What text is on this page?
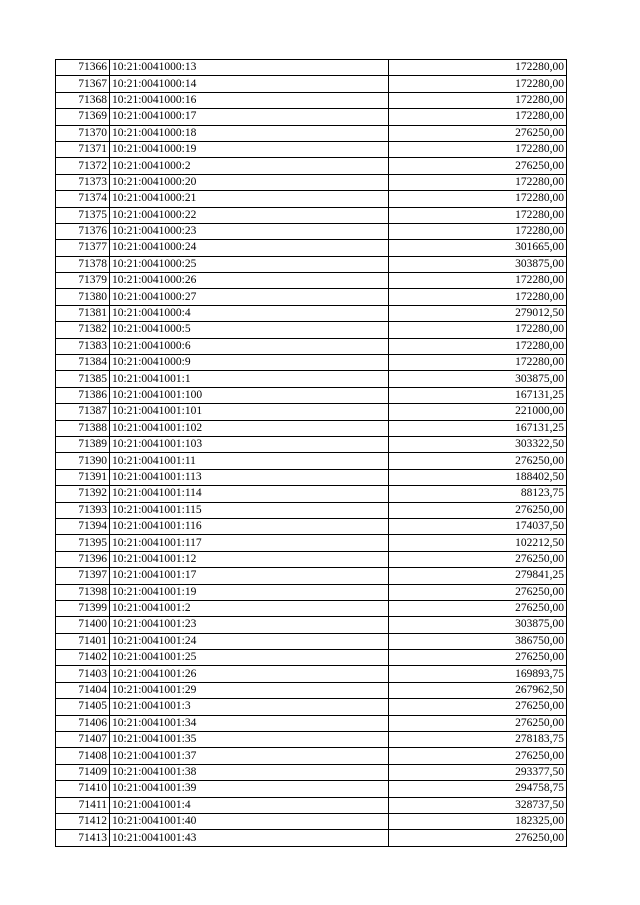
71366	10:21:0041000:13	172280,00
71367	10:21:0041000:14	172280,00
71368	10:21:0041000:16	172280,00
71369	10:21:0041000:17	172280,00
71370	10:21:0041000:18	276250,00
71371	10:21:0041000:19	172280,00
71372	10:21:0041000:2	276250,00
71373	10:21:0041000:20	172280,00
71374	10:21:0041000:21	172280,00
71375	10:21:0041000:22	172280,00
71376	10:21:0041000:23	172280,00
71377	10:21:0041000:24	301665,00
71378	10:21:0041000:25	303875,00
71379	10:21:0041000:26	172280,00
71380	10:21:0041000:27	172280,00
71381	10:21:0041000:4	279012,50
71382	10:21:0041000:5	172280,00
71383	10:21:0041000:6	172280,00
71384	10:21:0041000:9	172280,00
71385	10:21:0041001:1	303875,00
71386	10:21:0041001:100	167131,25
71387	10:21:0041001:101	221000,00
71388	10:21:0041001:102	167131,25
71389	10:21:0041001:103	303322,50
71390	10:21:0041001:11	276250,00
71391	10:21:0041001:113	188402,50
71392	10:21:0041001:114	88123,75
71393	10:21:0041001:115	276250,00
71394	10:21:0041001:116	174037,50
71395	10:21:0041001:117	102212,50
71396	10:21:0041001:12	276250,00
71397	10:21:0041001:17	279841,25
71398	10:21:0041001:19	276250,00
71399	10:21:0041001:2	276250,00
71400	10:21:0041001:23	303875,00
71401	10:21:0041001:24	386750,00
71402	10:21:0041001:25	276250,00
71403	10:21:0041001:26	169893,75
71404	10:21:0041001:29	267962,50
71405	10:21:0041001:3	276250,00
71406	10:21:0041001:34	276250,00
71407	10:21:0041001:35	278183,75
71408	10:21:0041001:37	276250,00
71409	10:21:0041001:38	293377,50
71410	10:21:0041001:39	294758,75
71411	10:21:0041001:4	328737,50
71412	10:21:0041001:40	182325,00
71413	10:21:0041001:43	276250,00
